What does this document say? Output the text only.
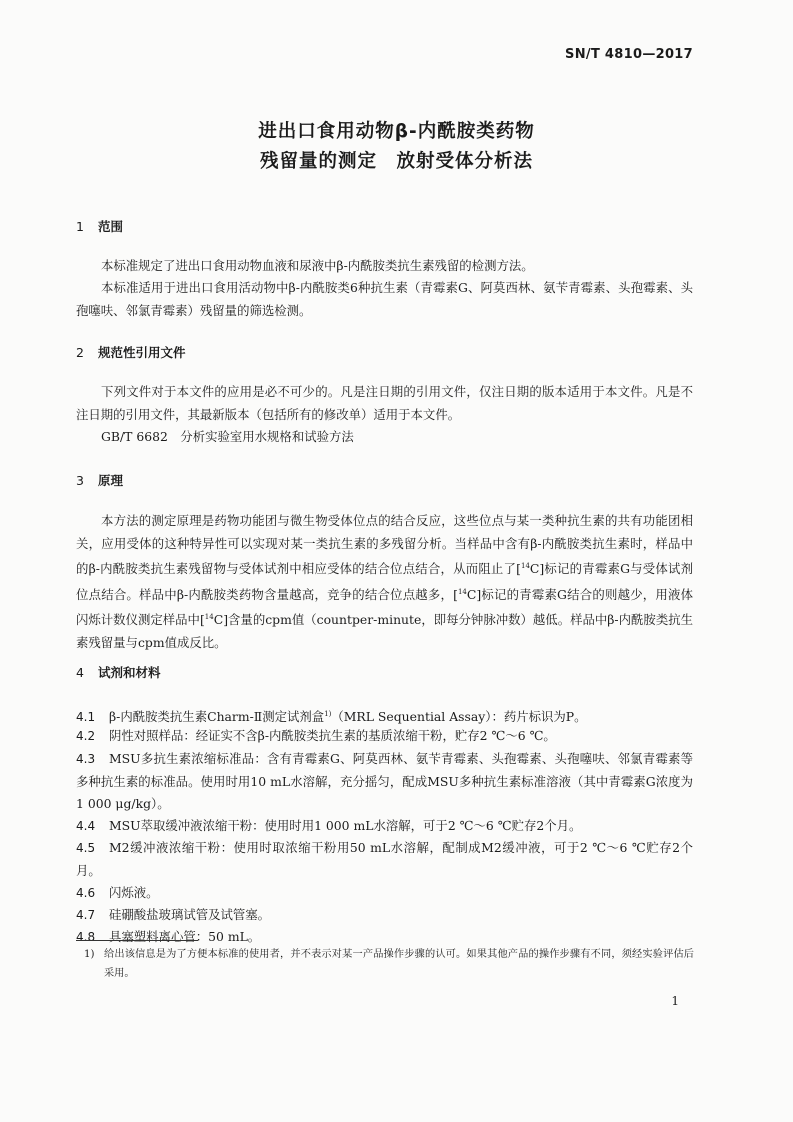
SN/T 4810—2017
进出口食用动物β-内酰胺类药物
残留量的测定　放射受体分析法
1 范围

本标准规定了进出口食用动物血液和尿液中β-内酰胺类抗生素残留的检测方法。

本标准适用于进出口食用活动物中β-内酰胺类6种抗生素（青霉素G、阿莫西林、氨苄青霉素、头孢霉素、头孢噻呋、邻氯青霉素）残留量的筛选检测。

2 规范性引用文件

下列文件对于本文件的应用是必不可少的。凡是注日期的引用文件，仅注日期的版本适用于本文件。凡是不注日期的引用文件，其最新版本（包括所有的修改单）适用于本文件。

GB/T 6682　分析实验室用水规格和试验方法

3 原理

本方法的测定原理是药物功能团与微生物受体位点的结合反应，这些位点与某一类种抗生素的共有功能团相关，应用受体的这种特异性可以实现对某一类抗生素的多残留分析。当样品中含有β-内酰胺类抗生素时，样品中的β-内酰胺类抗生素残留物与受体试剂中相应受体的结合位点结合，从而阻止了[$^{14}$C]标记的青霉素G与受体试剂位点结合。样品中β-内酰胺类药物含量越高，竞争的结合位点越多，[$^{14}$C]标记的青霉素G结合的则越少，用液体闪烁计数仪测定样品中[$^{14}$C]含量的cpm值（countper-minute，即每分钟脉冲数）越低。样品中β-内酰胺类抗生素残留量与cpm值成反比。

4 试剂和材料

4.1 β-内酰胺类抗生素Charm-Ⅱ测定试剂盒$^{1)}$（MRL Sequential Assay）：药片标识为P。

4.2 阴性对照样品：经证实不含β-内酰胺类抗生素的基质浓缩干粉，贮存2 ℃～6 ℃。

4.3 MSU多抗生素浓缩标准品：含有青霉素G、阿莫西林、氨苄青霉素、头孢霉素、头孢噻呋、邻氯青霉素等多种抗生素的标准品。使用时用10 mL水溶解，充分摇匀，配成MSU多种抗生素标准溶液（其中青霉素G浓度为1 000 μg/kg）。

4.4 MSU萃取缓冲液浓缩干粉：使用时用1 000 mL水溶解，可于2 ℃～6 ℃贮存2个月。

4.5 M2缓冲液浓缩干粉：使用时取浓缩干粉用50 mL水溶解，配制成M2缓冲液，可于2 ℃～6 ℃贮存2个月。

4.6 闪烁液。

4.7 硅硼酸盐玻璃试管及试管塞。

4.8 具塞塑料离心管：50 mL。

1) 给出该信息是为了方便本标准的使用者，并不表示对某一产品操作步骤的认可。如果其他产品的操作步骤有不同，须经实验评估后采用。

1
